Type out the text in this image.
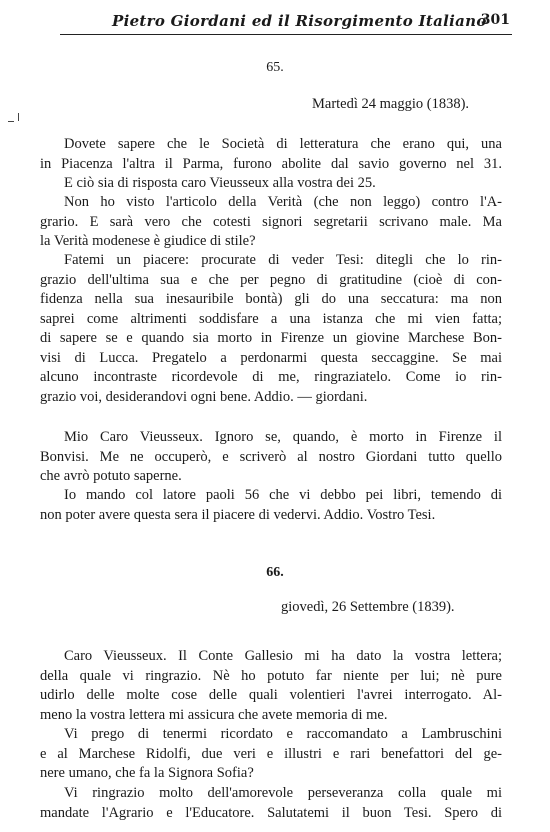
Pietro Giordani ed il Risorgimento Italiano
301
65.
Martedì 24 maggio (1838).
Dovete sapere che le Società di letteratura che erano qui, una
in Piacenza l'altra il Parma, furono abolite dal savio governo nel 31.
E ciò sia di risposta caro Vieusseux alla vostra dei 25.
Non ho visto l'articolo della Verità (che non leggo) contro l'A-
grario. E sarà vero che cotesti signori segretarii scrivano male. Ma
la Verità modenese è giudice di stile?
Fatemi un piacere: procurate di veder Tesi: ditegli che lo rin-
grazio dell'ultima sua e che per pegno di gratitudine (cioè di con-
fidenza nella sua inesauribile bontà) gli do una seccatura: ma non
saprei come altrimenti soddisfare a una istanza che mi vien fatta;
di sapere se e quando sia morto in Firenze un giovine Marchese Bon-
visi di Lucca. Pregatelo a perdonarmi questa seccaggine. Se mai
alcuno incontraste ricordevole di me, ringraziatelo. Come io rin-
grazio voi, desiderandovi ogni bene. Addio. — giordani.
Mio Caro Vieusseux. Ignoro se, quando, è morto in Firenze il
Bonvisi. Me ne occuperò, e scriverò al nostro Giordani tutto quello
che avrò potuto saperne.
Io mando col latore paoli 56 che vi debbo pei libri, temendo di
non poter avere questa sera il piacere di vedervi. Addio. Vostro Tesi.
66.
giovedì, 26 Settembre (1839).
Caro Vieusseux. Il Conte Gallesio mi ha dato la vostra lettera;
della quale vi ringrazio. Nè ho potuto far niente per lui; nè pure
udirlo delle molte cose delle quali volentieri l'avrei interrogato. Al-
meno la vostra lettera mi assicura che avete memoria di me.
Vi prego di tenermi ricordato e raccomandato a Lambruschini
e al Marchese Ridolfi, due veri e illustri e rari benefattori del ge-
nere umano, che fa la Signora Sofia?
Vi ringrazio molto dell'amorevole perseveranza colla quale mi
mandate l'Agrario e l'Educatore. Salutatemi il buon Tesi. Spero di
